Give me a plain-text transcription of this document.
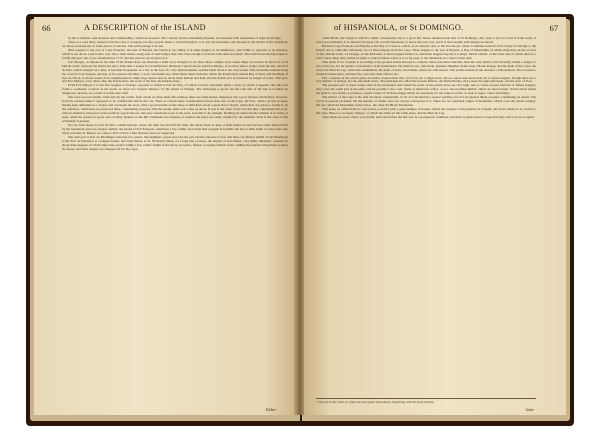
66	A DESCRIPTION of the ISLAND

by the Castilians, well situated, and commanding a delicious prospect. The country about is extremely pleasant, and abounds with plantations of sugar and indigo.

There is a road fairly opened from the Cape to Leogane, but few people chuse to travel through it; it is very inconvenient, and exposed to the insults of the Spaniards, on whose possessions, in some places, it touches. The Gulf passage is by sea.

Nine leagues to the east of Cape François, lies that of Bayaha, the length is two miles; it is eight leagues in circumference, and within it, opposite to its entrance, which is not above a pistol shot over, lies a little island, along side of which ships may ride close enough to touch it with their bowsprits. The French had already begun to fortify this port, but it was abandoned in 1715, and has placed a good guard at it.

Port Margot, as famous in the time of the Freebooters, has likewise a little town, though it is no more than a simple road, where ships can anchor in about 12 or 14 fathom water, between the main land and a little islet a league in circumference. Between Cape François and Port Margot, at no more than a league from the last, lies Port de Paix, which, though very deep, is but little frequented, as a few at the foot of a very high mountain, and the lands about it are very barren. This mountain extends along the coast for four leagues, and has, at its western extremity, a very convenient bay called Mole Saint Nicholas, which the Freebooters named Bay of Keel, and the Bight of Port de l'Acul, from the nature of its neighbourhood. Ships may anchor here in about three fathom and half, and the mouth of it is bordered by ledges of rocks. This port, and Port Margot, were called after the Freebooters, the work of the first adventurers there.

From Port Margot it is but five leagues to Tortuga, opposite to which is Port de Paix, of which we have elsewhere given a plan, by which it appears, that this port forms a roadstead, covered on the north, at about two leagues distance, by the island of Tortuga. The anchorage is good; but the well side of the bay is troubled by dangerous currents, on a north or north-west wind.

The town was not rebuilt, when first by the earlier, from whom we have taken this relation, there are some houses dispersed, but a good fortress stands there; however, from the earliest times it appeared to be comfortable before the war. There is a much more considerable fortress than that of the Cape; the Fort, which yet lies in ruins, having been defended as a citadel, and overlooks the town, with a good redoubt on the shore, it held there about a great hour's march, where they are going to fortify it, by the ordnance, which may be preserved there, considering, however, that the enemy shall soon come on shore. It was at the point of the bay that they commanded the road, with an eminence protected on the south by a great morass, that now bounds the town to the west, and adds to its strength. Nothing yet exists but the remains of its ruins; at least, while the ground is good, and a battery planted on the hill commands the entrance, it renders the place not easily insulted by the enemies. Such is the state of this settlement at present.

Not far from thence is Port de Paix, a small harbour, where the tides rise and fall but little; the whole shore is deep. A little farther on lies the bay called Puerto Plata by the Spaniards; and, two leagues farther, the strand of Port Français, which has a bay within, more than half a league in breadth; but has so little depth of water, that only barks can enter it. Thence we come to Port à l'Ecu, a fine harbour, but now neglected.

The next port is Port du Mouflique; between two points, that lengthen a great way into the sea; but the entrance is bad, and there are shelves within. From Mouflique to the Port de Plaisance is a league further, and from thence to St. Nicholas's Mole, on a long line of shore, the district of Jean Rabel, very thinly inhabited, extends for about three leagues; in which ships may anchor within a few cables' length of the shore, in twelve, fifteen, or twenty fathom water, whither the planters bring their produce in canoes, and from whence it is shipped off for the Cape.

Either
of HISPANIOLA, or St DOMINGO.	67

called Hertz, the length of which is rather considerable, but is a good fall, better sheltered than that of St Domingo, and, were it not for want of fresh water, it every way habitable. It is deserted for these vile corsairs hereabout, to know the road way, and it is inaccessible with dangerous shoals.

Between Cape François and Bayaha is the Bay of Caracol, which, as we already said, is the Port Royal, where Columbus built his first colony. It belongs to the French and is called the Limonade, two or three leagues from the Cape. Three leagues to the east of Bayaha, is Bay of Mancenille, in which ships may anchor in four or five fathom water. La Grange, on the Eastward, is three leagues farther on, and three leagues beyond is Grange. Monte Christi, of the other side of which there is a road, where ships may anchor in eight or twelve fathom water; it is so far easy, to the Spaniards as to land on that side.

This plain, if we consider it according to the ground extent allowed it, contains rather parochial churches, than the very district; and all being within a league or two of the sea, for the greater convenience of the inhabitants. The districts are, Limonade, Quartier Dauphin, Petite Anse, Morne Rouge, and the plain of the Cape, the town, the Haut du Cap, with other settlements, the plain of Acul, and Limbé, which are well known. The parish extends to the entrance of the harbour. The Governor-General resides there, and here the court and chief officers are.

Few countries in the whole globe are better watered than this; yet it has not a single river, whose course runs more than six or seven leagues, though there are a vast number of springs, brooks and small rivers. The principal are called the Grande Rivière, the Petite Rivière, that passes through Limonade, and the river of Trou.

The greatest part of these waters rises in the mountains that bound the plain on the south; these are very high, but no where exceed fourteen or fifteen leagues; they cover the south part of the plain, and lie parallel to the coast. Some of them bear coffee, cocoa, and excellent timber; others are more barren. In this whole extent the plain is very fertile; it produces a great variety of all those things which are necessary for the support of life, as well as sugar, cotton and indigo.

The district of the Cape is the first and most considerable of all. It is divided into several parishes; but it is in general thinly peopled, considering its extent. The soil is in general excellent; but the manner of culture does not always correspond to it. There are two principal ranges of mountains, which cross the whole country: the one called the Mountains of the Cibao, the other the Black Mountains.

This plain, so called from its vast extent, is dotted with a great number of houses, where the produce of the planters is brought; and from whence it is carried to the Cape. Here too are many villages, of which the chief are the Little Anse, and the Haut du Cap.

Their lands are every where very fertile, and were before the late war, in a prosperous condition; and there is great reason to hope that they will soon be so again.

* They lie in the order, in which we have given them above, beginning with the most easterly.
Inha-
